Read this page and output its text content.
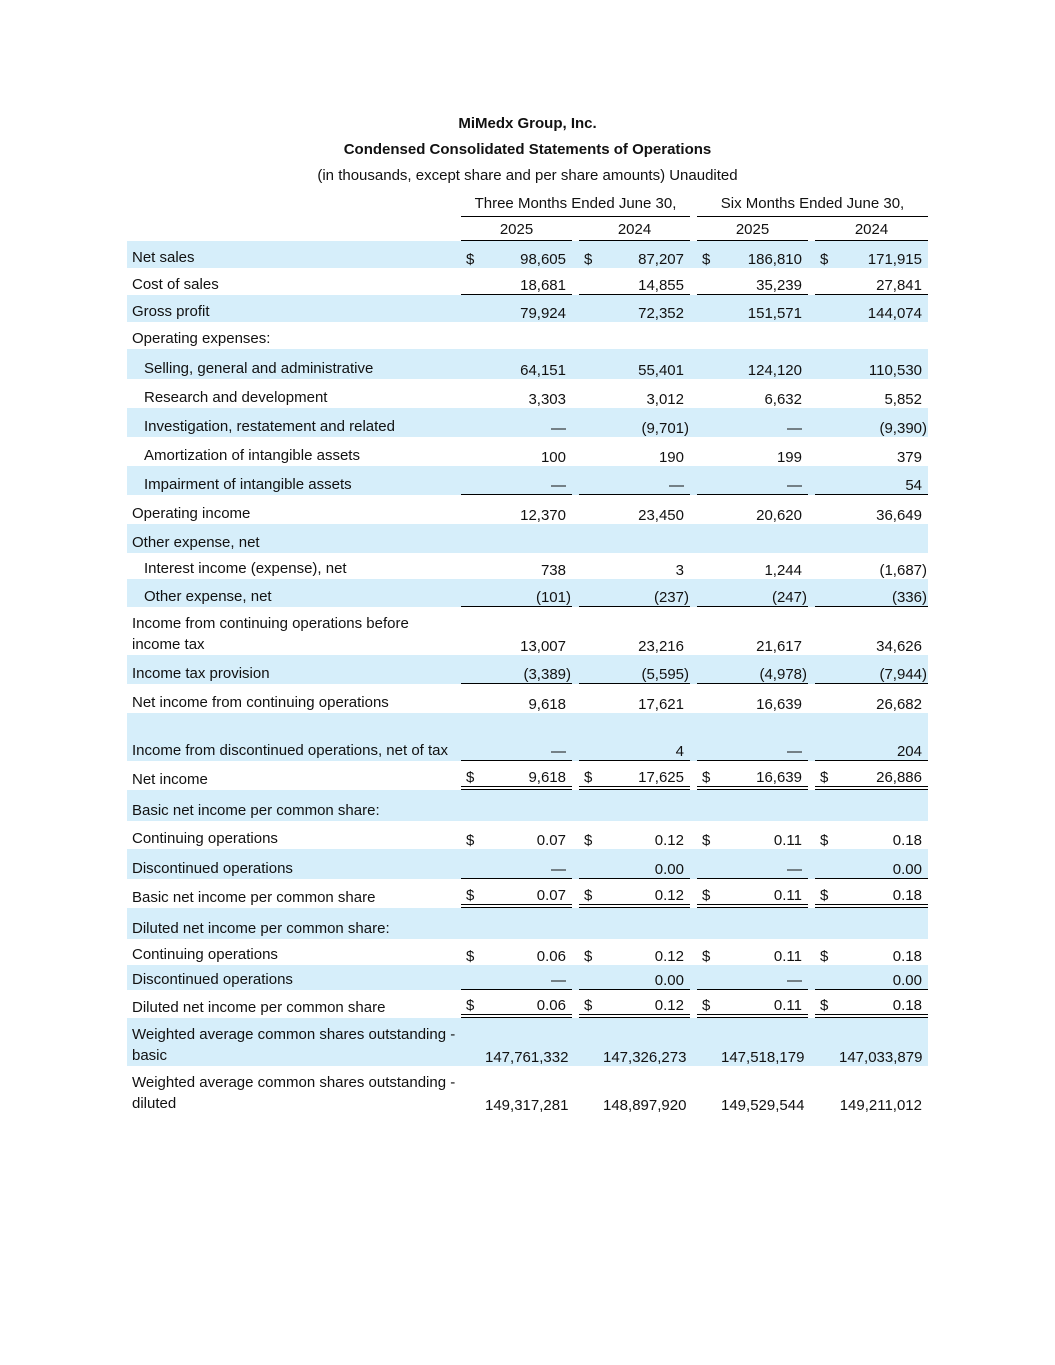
MiMedx Group, Inc.
Condensed Consolidated Statements of Operations
(in thousands, except share and per share amounts) Unaudited
Three Months Ended June 30,	Six Months Ended June 30,
2025	2024	2025	2024
Net sales	$	98,605		$	87,207		$	186,810		$	171,915
Cost of sales		18,681			14,855			35,239			27,841
Gross profit		79,924			72,352			151,571			144,074
Operating expenses:											
Selling, general and administrative		64,151			55,401			124,120			110,530
Research and development		3,303			3,012			6,632			5,852
Investigation, restatement and related		—			(9,701)			—			(9,390)
Amortization of intangible assets		100			190			199			379
Impairment of intangible assets		—			—			—			54
Operating income		12,370			23,450			20,620			36,649
Other expense, net											
Interest income (expense), net		738			3			1,244			(1,687)
Other expense, net		(101)			(237)			(247)			(336)
Income from continuing operations before income tax		13,007			23,216			21,617			34,626
Income tax provision		(3,389)			(5,595)			(4,978)			(7,944)
Net income from continuing operations		9,618			17,621			16,639			26,682
Income from discontinued operations, net of tax		—			4			—			204
Net income	$	9,618		$	17,625		$	16,639		$	26,886
Basic net income per common share:											
Continuing operations	$	0.07		$	0.12		$	0.11		$	0.18
Discontinued operations		—			0.00			—			0.00
Basic net income per common share	$	0.07		$	0.12		$	0.11		$	0.18
Diluted net income per common share:											
Continuing operations	$	0.06		$	0.12		$	0.11		$	0.18
Discontinued operations		—			0.00			—			0.00
Diluted net income per common share	$	0.06		$	0.12		$	0.11		$	0.18
Weighted average common shares outstanding - basic		147,761,332			147,326,273			147,518,179			147,033,879
Weighted average common shares outstanding - diluted		149,317,281			148,897,920			149,529,544			149,211,012
